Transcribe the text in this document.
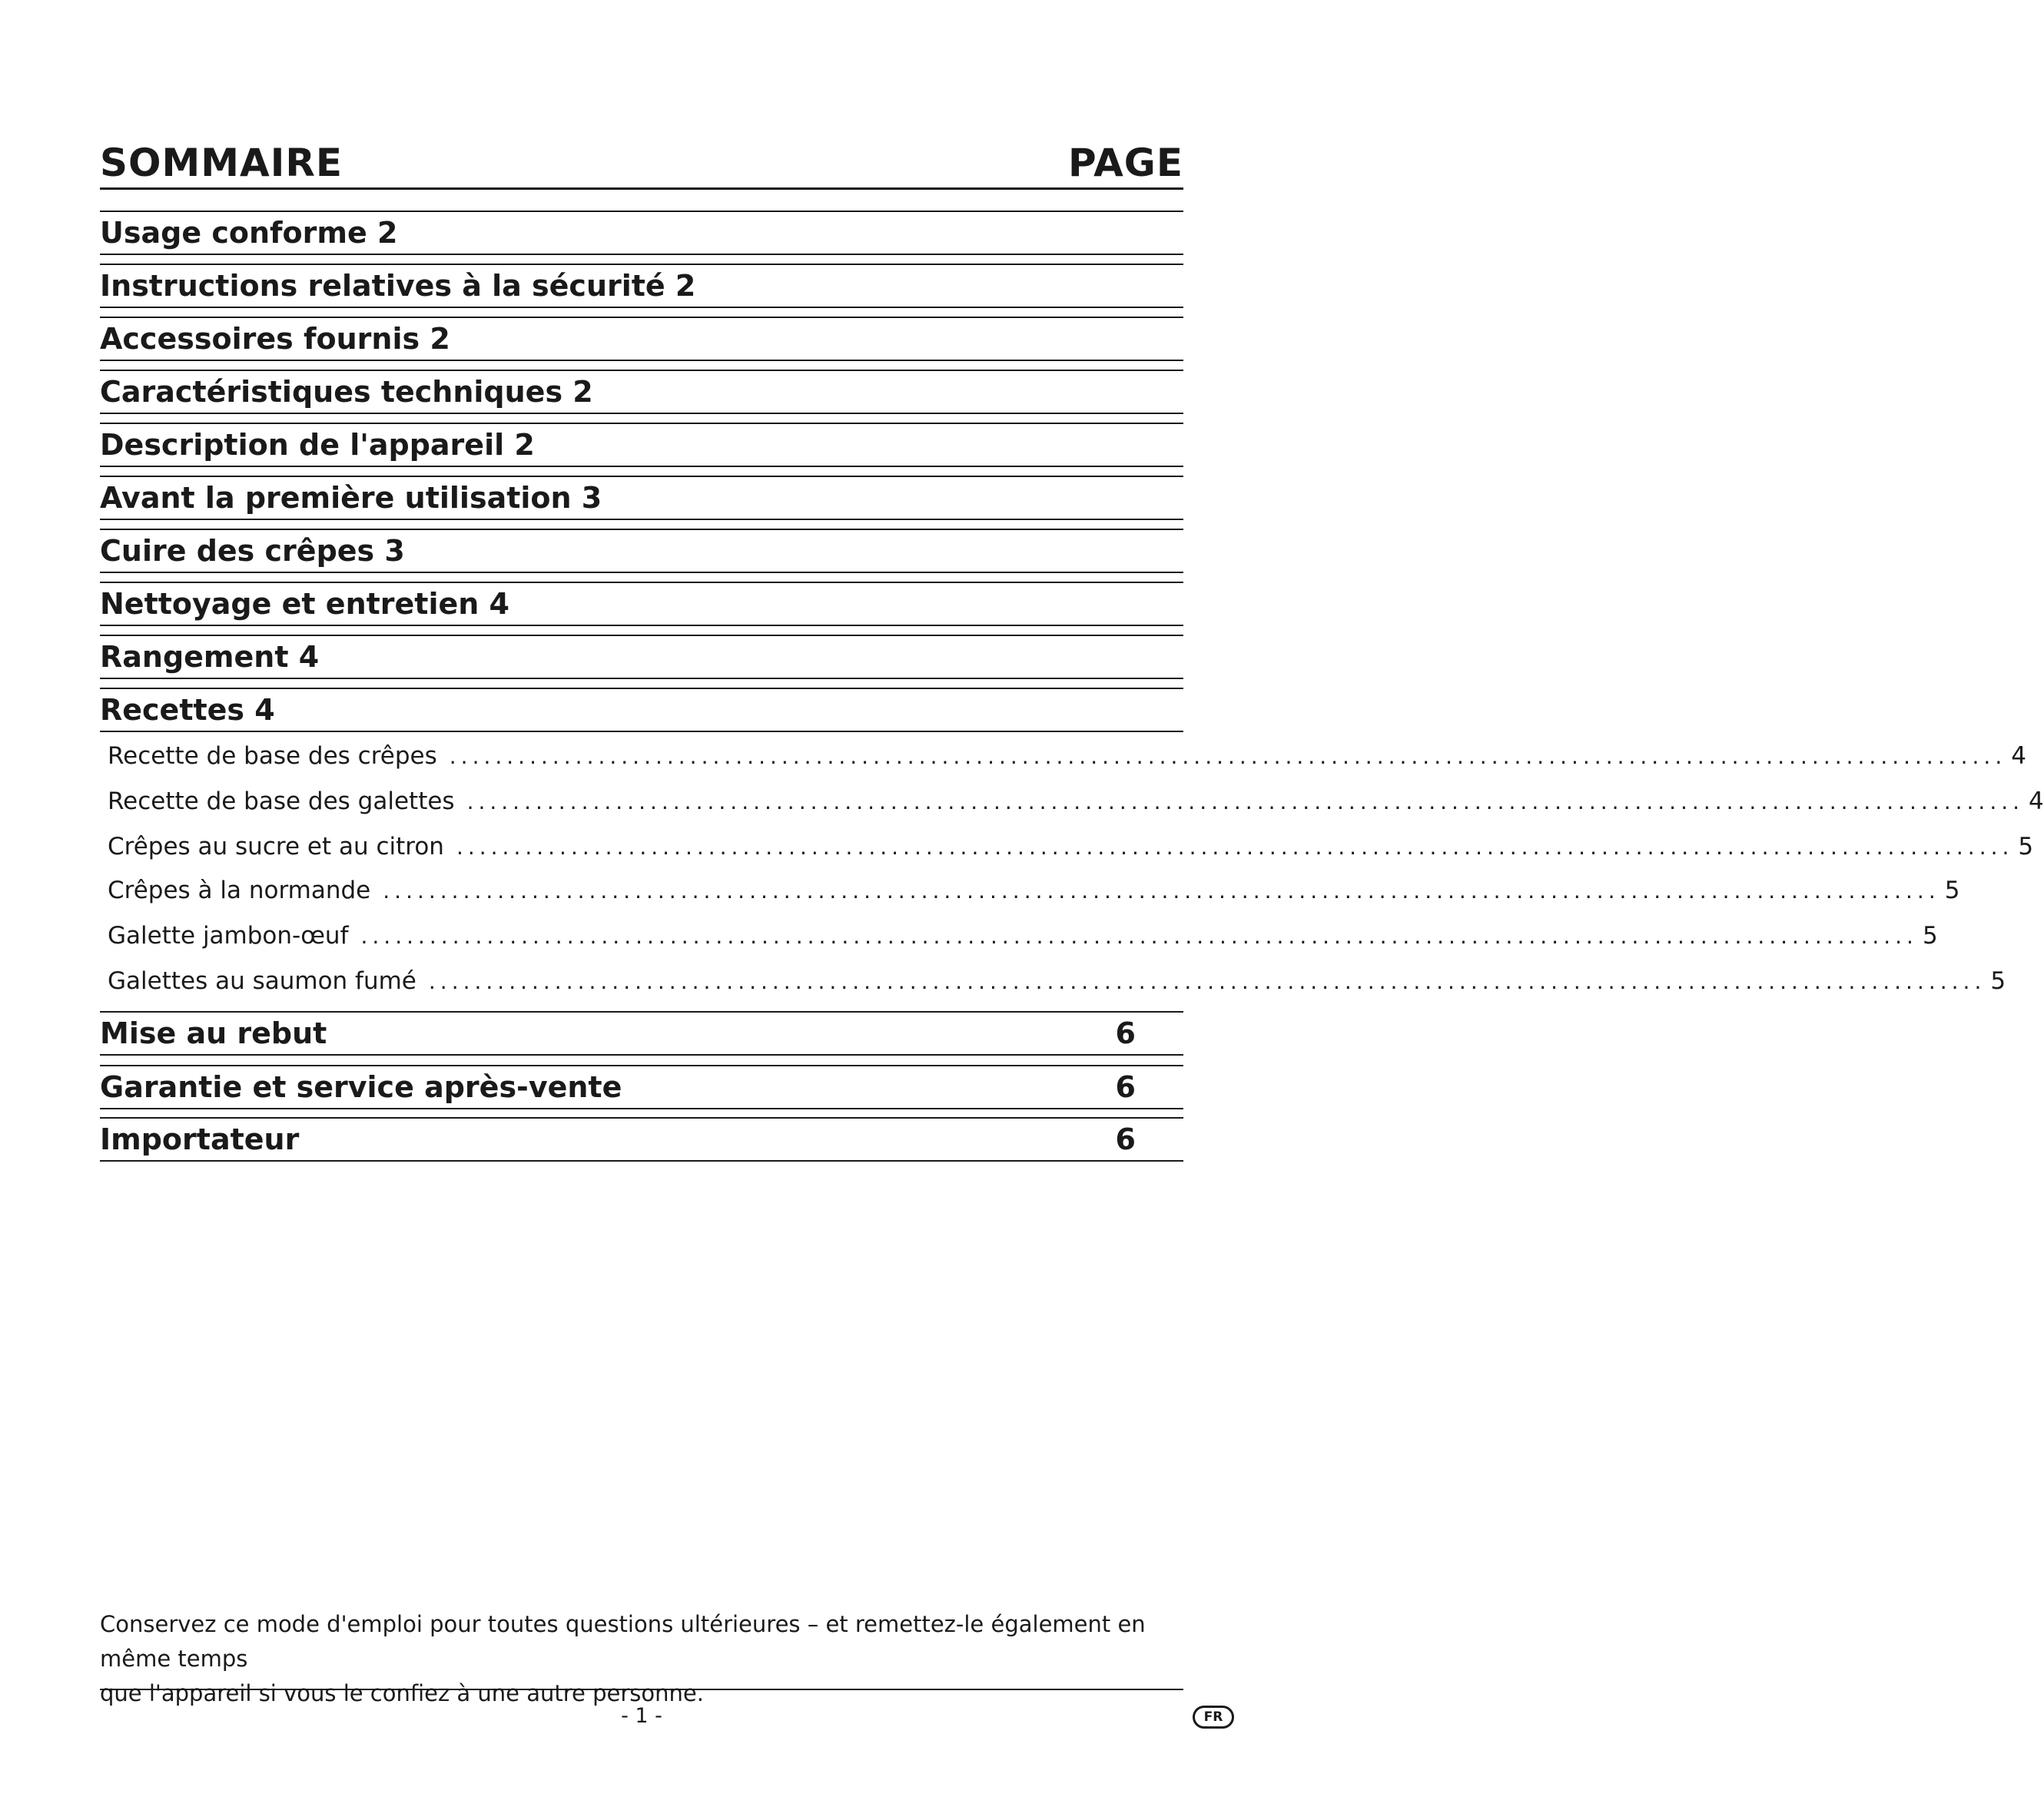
SOMMAIRE	PAGE
Usage conforme 2
Instructions relatives à la sécurité 2
Accessoires fournis 2
Caractéristiques techniques 2
Description de l'appareil 2
Avant la première utilisation 3
Cuire des crêpes 3
Nettoyage et entretien 4
Rangement 4
Recettes 4
Recette de base des crêpes ........................................................................................................................................ 4
Recette de base des galettes ........................................................................................................................................ 4
Crêpes au sucre et au citron ........................................................................................................................................ 5
Crêpes à la normande ........................................................................................................................................ 5
Galette jambon-œuf ........................................................................................................................................ 5
Galettes au saumon fumé ........................................................................................................................................ 5
Mise au rebut	6
Garantie et service après-vente	6
Importateur	6
Conservez ce mode d'emploi pour toutes questions ultérieures – et remettez-le également en même temps
que l'appareil si vous le confiez à une autre personne.
- 1 -	FR
